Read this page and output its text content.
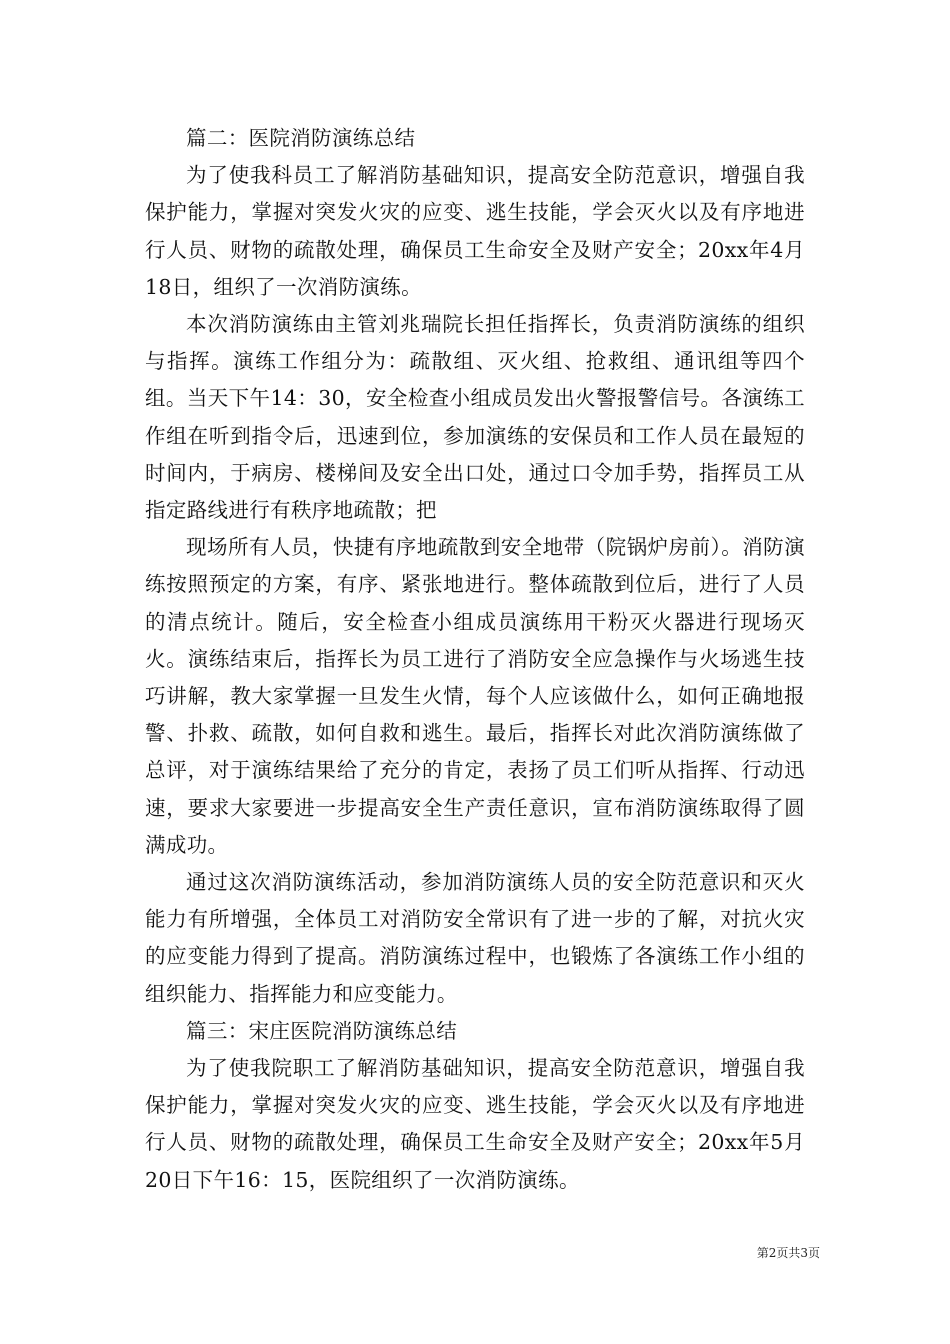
篇二：医院消防演练总结

为了使我科员工了解消防基础知识，提高安全防范意识，增强自我保护能力，掌握对突发火灾的应变、逃生技能，学会灭火以及有序地进行人员、财物的疏散处理，确保员工生命安全及财产安全；20xx年4月18日，组织了一次消防演练。

本次消防演练由主管刘兆瑞院长担任指挥长，负责消防演练的组织与指挥。演练工作组分为：疏散组、灭火组、抢救组、通讯组等四个组。当天下午14：30，安全检查小组成员发出火警报警信号。各演练工作组在听到指令后，迅速到位，参加演练的安保员和工作人员在最短的时间内，于病房、楼梯间及安全出口处，通过口令加手势，指挥员工从指定路线进行有秩序地疏散；把

现场所有人员，快捷有序地疏散到安全地带（院锅炉房前）。消防演练按照预定的方案，有序、紧张地进行。整体疏散到位后，进行了人员的清点统计。随后，安全检查小组成员演练用干粉灭火器进行现场灭火。演练结束后，指挥长为员工进行了消防安全应急操作与火场逃生技巧讲解，教大家掌握一旦发生火情，每个人应该做什么，如何正确地报警、扑救、疏散，如何自救和逃生。最后，指挥长对此次消防演练做了总评，对于演练结果给了充分的肯定，表扬了员工们听从指挥、行动迅速，要求大家要进一步提高安全生产责任意识，宣布消防演练取得了圆满成功。

通过这次消防演练活动，参加消防演练人员的安全防范意识和灭火能力有所增强，全体员工对消防安全常识有了进一步的了解，对抗火灾的应变能力得到了提高。消防演练过程中，也锻炼了各演练工作小组的组织能力、指挥能力和应变能力。

篇三：宋庄医院消防演练总结

为了使我院职工了解消防基础知识，提高安全防范意识，增强自我保护能力，掌握对突发火灾的应变、逃生技能，学会灭火以及有序地进行人员、财物的疏散处理，确保员工生命安全及财产安全；20xx年5月20日下午16：15，医院组织了一次消防演练。

第2页共3页
